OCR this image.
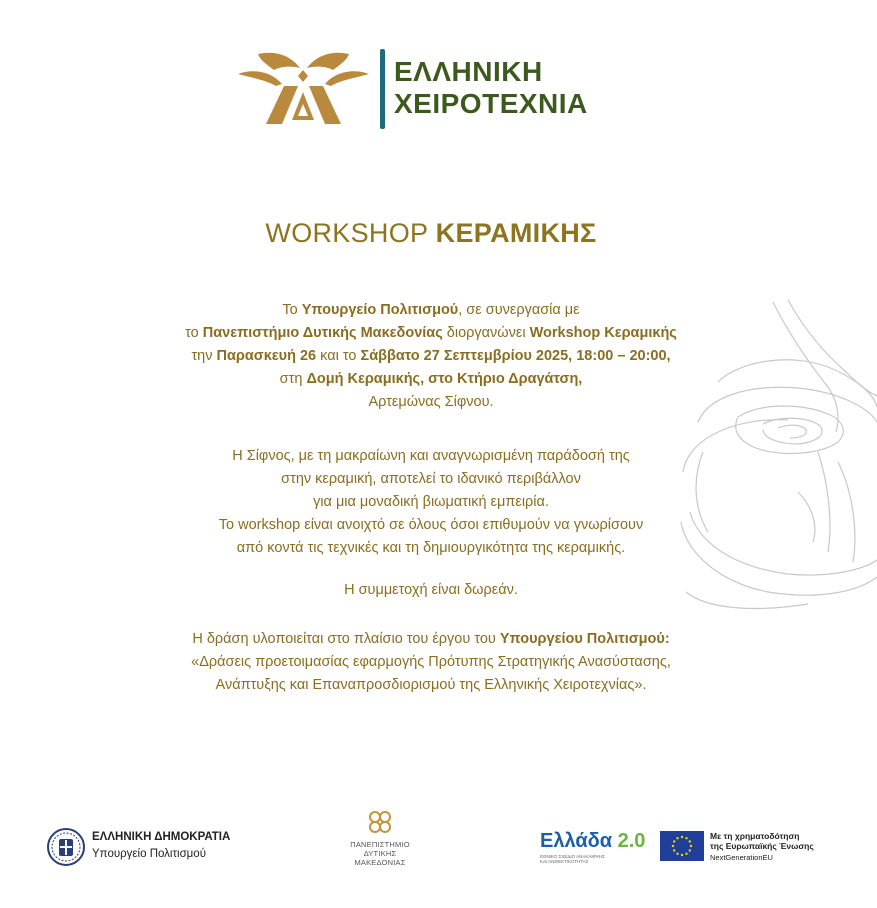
ΕΛΛΗΝΙΚΗ
ΧΕΙΡΟΤΕΧΝΙΑ
WORKSHOP ΚΕΡΑΜΙΚΗΣ
Το Υπουργείο Πολιτισμού, σε συνεργασία με
το Πανεπιστήμιο Δυτικής Μακεδονίας διοργανώνει Workshop Κεραμικής
την Παρασκευή 26 και το Σάββατο 27 Σεπτεμβρίου 2025, 18:00 – 20:00,
στη Δομή Κεραμικής, στο Κτήριο Δραγάτση,
Αρτεμώνας Σίφνου.
Η Σίφνος, με τη μακραίωνη και αναγνωρισμένη παράδοσή της
στην κεραμική, αποτελεί το ιδανικό περιβάλλον
για μια μοναδική βιωματική εμπειρία.
Το workshop είναι ανοιχτό σε όλους όσοι επιθυμούν να γνωρίσουν
από κοντά τις τεχνικές και τη δημιουργικότητα της κεραμικής.
Η συμμετοχή είναι δωρεάν.
Η δράση υλοποιείται στο πλαίσιο του έργου του Υπουργείου Πολιτισμού:
«Δράσεις προετοιμασίας εφαρμογής Πρότυπης Στρατηγικής Ανασύστασης,
Ανάπτυξης και Επαναπροσδιορισμού της Ελληνικής Χειροτεχνίας».
ΕΛΛΗΝΙΚΗ ΔΗΜΟΚΡΑΤΙΑ
Υπουργείο Πολιτισμού
ΠΑΝΕΠΙΣΤΗΜΙΟ
ΔΥΤΙΚΗΣ
ΜΑΚΕΔΟΝΙΑΣ
Ελλάδα 2.0
ΕΘΝΙΚΟ ΣΧΕΔΙΟ ΑΝΑΚΑΜΨΗΣ
ΚΑΙ ΑΝΘΕΚΤΙΚΟΤΗΤΑΣ
Με τη χρηματοδότηση
της Ευρωπαϊκής Ένωσης
NextGenerationEU
